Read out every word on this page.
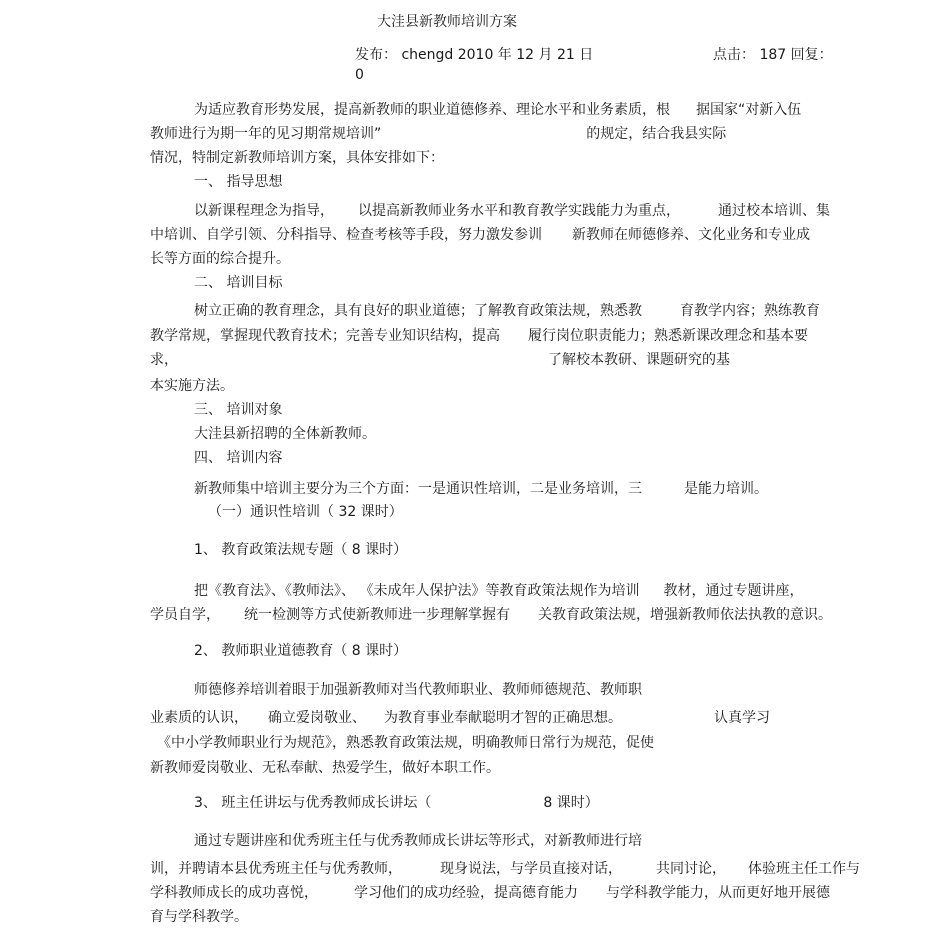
大洼县新教师培训方案
发布： chengd 2010 年 12 月 21 日	点击： 187 回复：
0
为适应教育形势发展，提高新教师的职业道德修养、理论水平和业务素质，根 据国家“对新入伍
教师进行为期一年的见习期常规培训”	的规定，结合我县实际
情况，特制定新教师培训方案，具体安排如下：
一、 指导思想
以新课程理念为指导， 以提高新教师业务水平和教育教学实践能力为重点，	通过校本培训、集
中培训、自学引领、分科指导、检查考核等手段，努力激发参训 新教师在师德修养、文化业务和专业成
长等方面的综合提升。
二、 培训目标
树立正确的教育理念，具有良好的职业道德；了解教育政策法规，熟悉教	育教学内容；熟练教育
教学常规，掌握现代教育技术；完善专业知识结构，提高 履行岗位职责能力；熟悉新课改理念和基本要
求，	了解校本教研、课题研究的基
本实施方法。
三、 培训对象
大洼县新招聘的全体新教师。
四、 培训内容
新教师集中培训主要分为三个方面：一是通识性培训，二是业务培训，三	是能力培训。
（一）通识性培训（ 32 课时）
1、 教育政策法规专题（ 8 课时）
把《教育法》、《教师法》、 《未成年人保护法》等教育政策法规作为培训 教材，通过专题讲座，
学员自学， 统一检测等方式使新教师进一步理解掌握有 关教育政策法规，增强新教师依法执教的意识。
2、 教师职业道德教育（ 8 课时）
师德修养培训着眼于加强新教师对当代教师职业、教师师德规范、教师职
业素质的认识， 确立爱岗敬业、 为教育事业奉献聪明才智的正确思想。	认真学习
《中小学教师职业行为规范》，熟悉教育政策法规，明确教师日常行为规范，促使
新教师爱岗敬业、无私奉献、热爱学生，做好本职工作。
3、 班主任讲坛与优秀教师成长讲坛（	8 课时）
通过专题讲座和优秀班主任与优秀教师成长讲坛等形式，对新教师进行培
训，并聘请本县优秀班主任与优秀教师，	现身说法，与学员直接对话， 共同讨论， 体验班主任工作与
学科教师成长的成功喜悦，	学习他们的成功经验，提高德育能力 与学科教学能力，从而更好地开展德
育与学科教学。
